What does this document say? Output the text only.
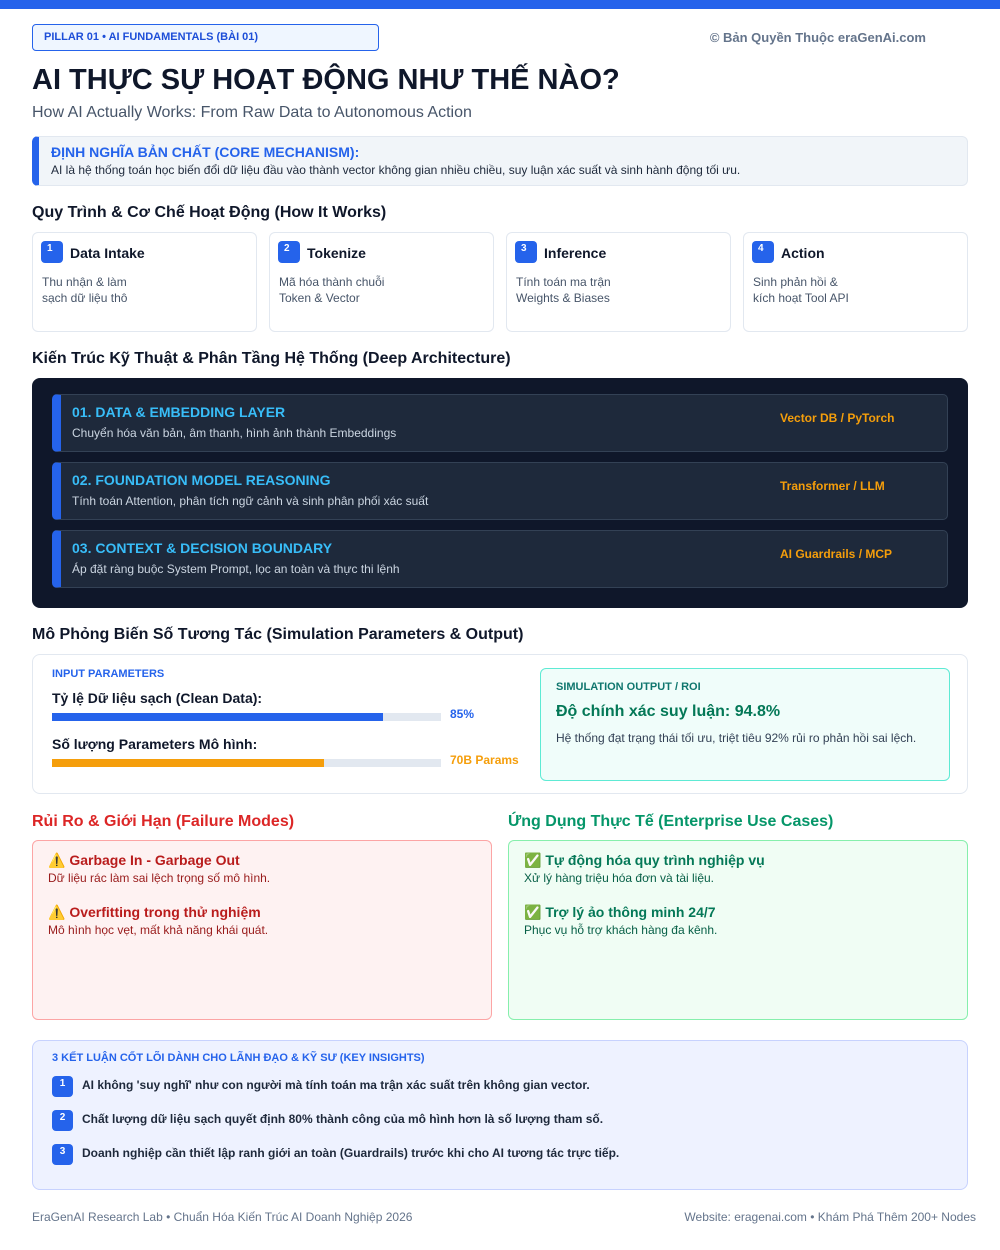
PILLAR 01 • AI FUNDAMENTALS (BÀI 01)	© Bản Quyền Thuộc eraGenAi.com
AI THỰC SỰ HOẠT ĐỘNG NHƯ THẾ NÀO?
How AI Actually Works: From Raw Data to Autonomous Action
ĐỊNH NGHĨA BẢN CHẤT (CORE MECHANISM):
AI là hệ thống toán học biến đổi dữ liệu đầu vào thành vector không gian nhiều chiều, suy luận xác suất và sinh hành động tối ưu.
Quy Trình & Cơ Chế Hoạt Động (How It Works)
1	Data Intake
Thu nhận & làm
sạch dữ liệu thô
2	Tokenize
Mã hóa thành chuỗi
Token & Vector
3	Inference
Tính toán ma trận
Weights & Biases
4	Action
Sinh phản hồi &
kích hoạt Tool API
Kiến Trúc Kỹ Thuật & Phân Tầng Hệ Thống (Deep Architecture)
01. DATA & EMBEDDING LAYER
Chuyển hóa văn bản, âm thanh, hình ảnh thành Embeddings
Vector DB / PyTorch
02. FOUNDATION MODEL REASONING
Tính toán Attention, phân tích ngữ cảnh và sinh phân phối xác suất
Transformer / LLM
03. CONTEXT & DECISION BOUNDARY
Áp đặt ràng buộc System Prompt, lọc an toàn và thực thi lệnh
AI Guardrails / MCP
Mô Phỏng Biến Số Tương Tác (Simulation Parameters & Output)
INPUT PARAMETERS
Tỷ lệ Dữ liệu sạch (Clean Data):
85%
Số lượng Parameters Mô hình:
70B Params
SIMULATION OUTPUT / ROI
Độ chính xác suy luận: 94.8%
Hệ thống đạt trạng thái tối ưu, triệt tiêu 92% rủi ro phản hồi sai lệch.
Rủi Ro & Giới Hạn (Failure Modes)	Ứng Dụng Thực Tế (Enterprise Use Cases)
⚠️ Garbage In - Garbage Out
Dữ liệu rác làm sai lệch trọng số mô hình.
⚠️ Overfitting trong thử nghiệm
Mô hình học vẹt, mất khả năng khái quát.
✅ Tự động hóa quy trình nghiệp vụ
Xử lý hàng triệu hóa đơn và tài liệu.
✅ Trợ lý ảo thông minh 24/7
Phục vụ hỗ trợ khách hàng đa kênh.
3 KẾT LUẬN CỐT LÕI DÀNH CHO LÃNH ĐẠO & KỸ SƯ (KEY INSIGHTS)
1	AI không 'suy nghĩ' như con người mà tính toán ma trận xác suất trên không gian vector.
2	Chất lượng dữ liệu sạch quyết định 80% thành công của mô hình hơn là số lượng tham số.
3	Doanh nghiệp cần thiết lập ranh giới an toàn (Guardrails) trước khi cho AI tương tác trực tiếp.
EraGenAI Research Lab • Chuẩn Hóa Kiến Trúc AI Doanh Nghiệp 2026	Website: eragenai.com • Khám Phá Thêm 200+ Nodes
